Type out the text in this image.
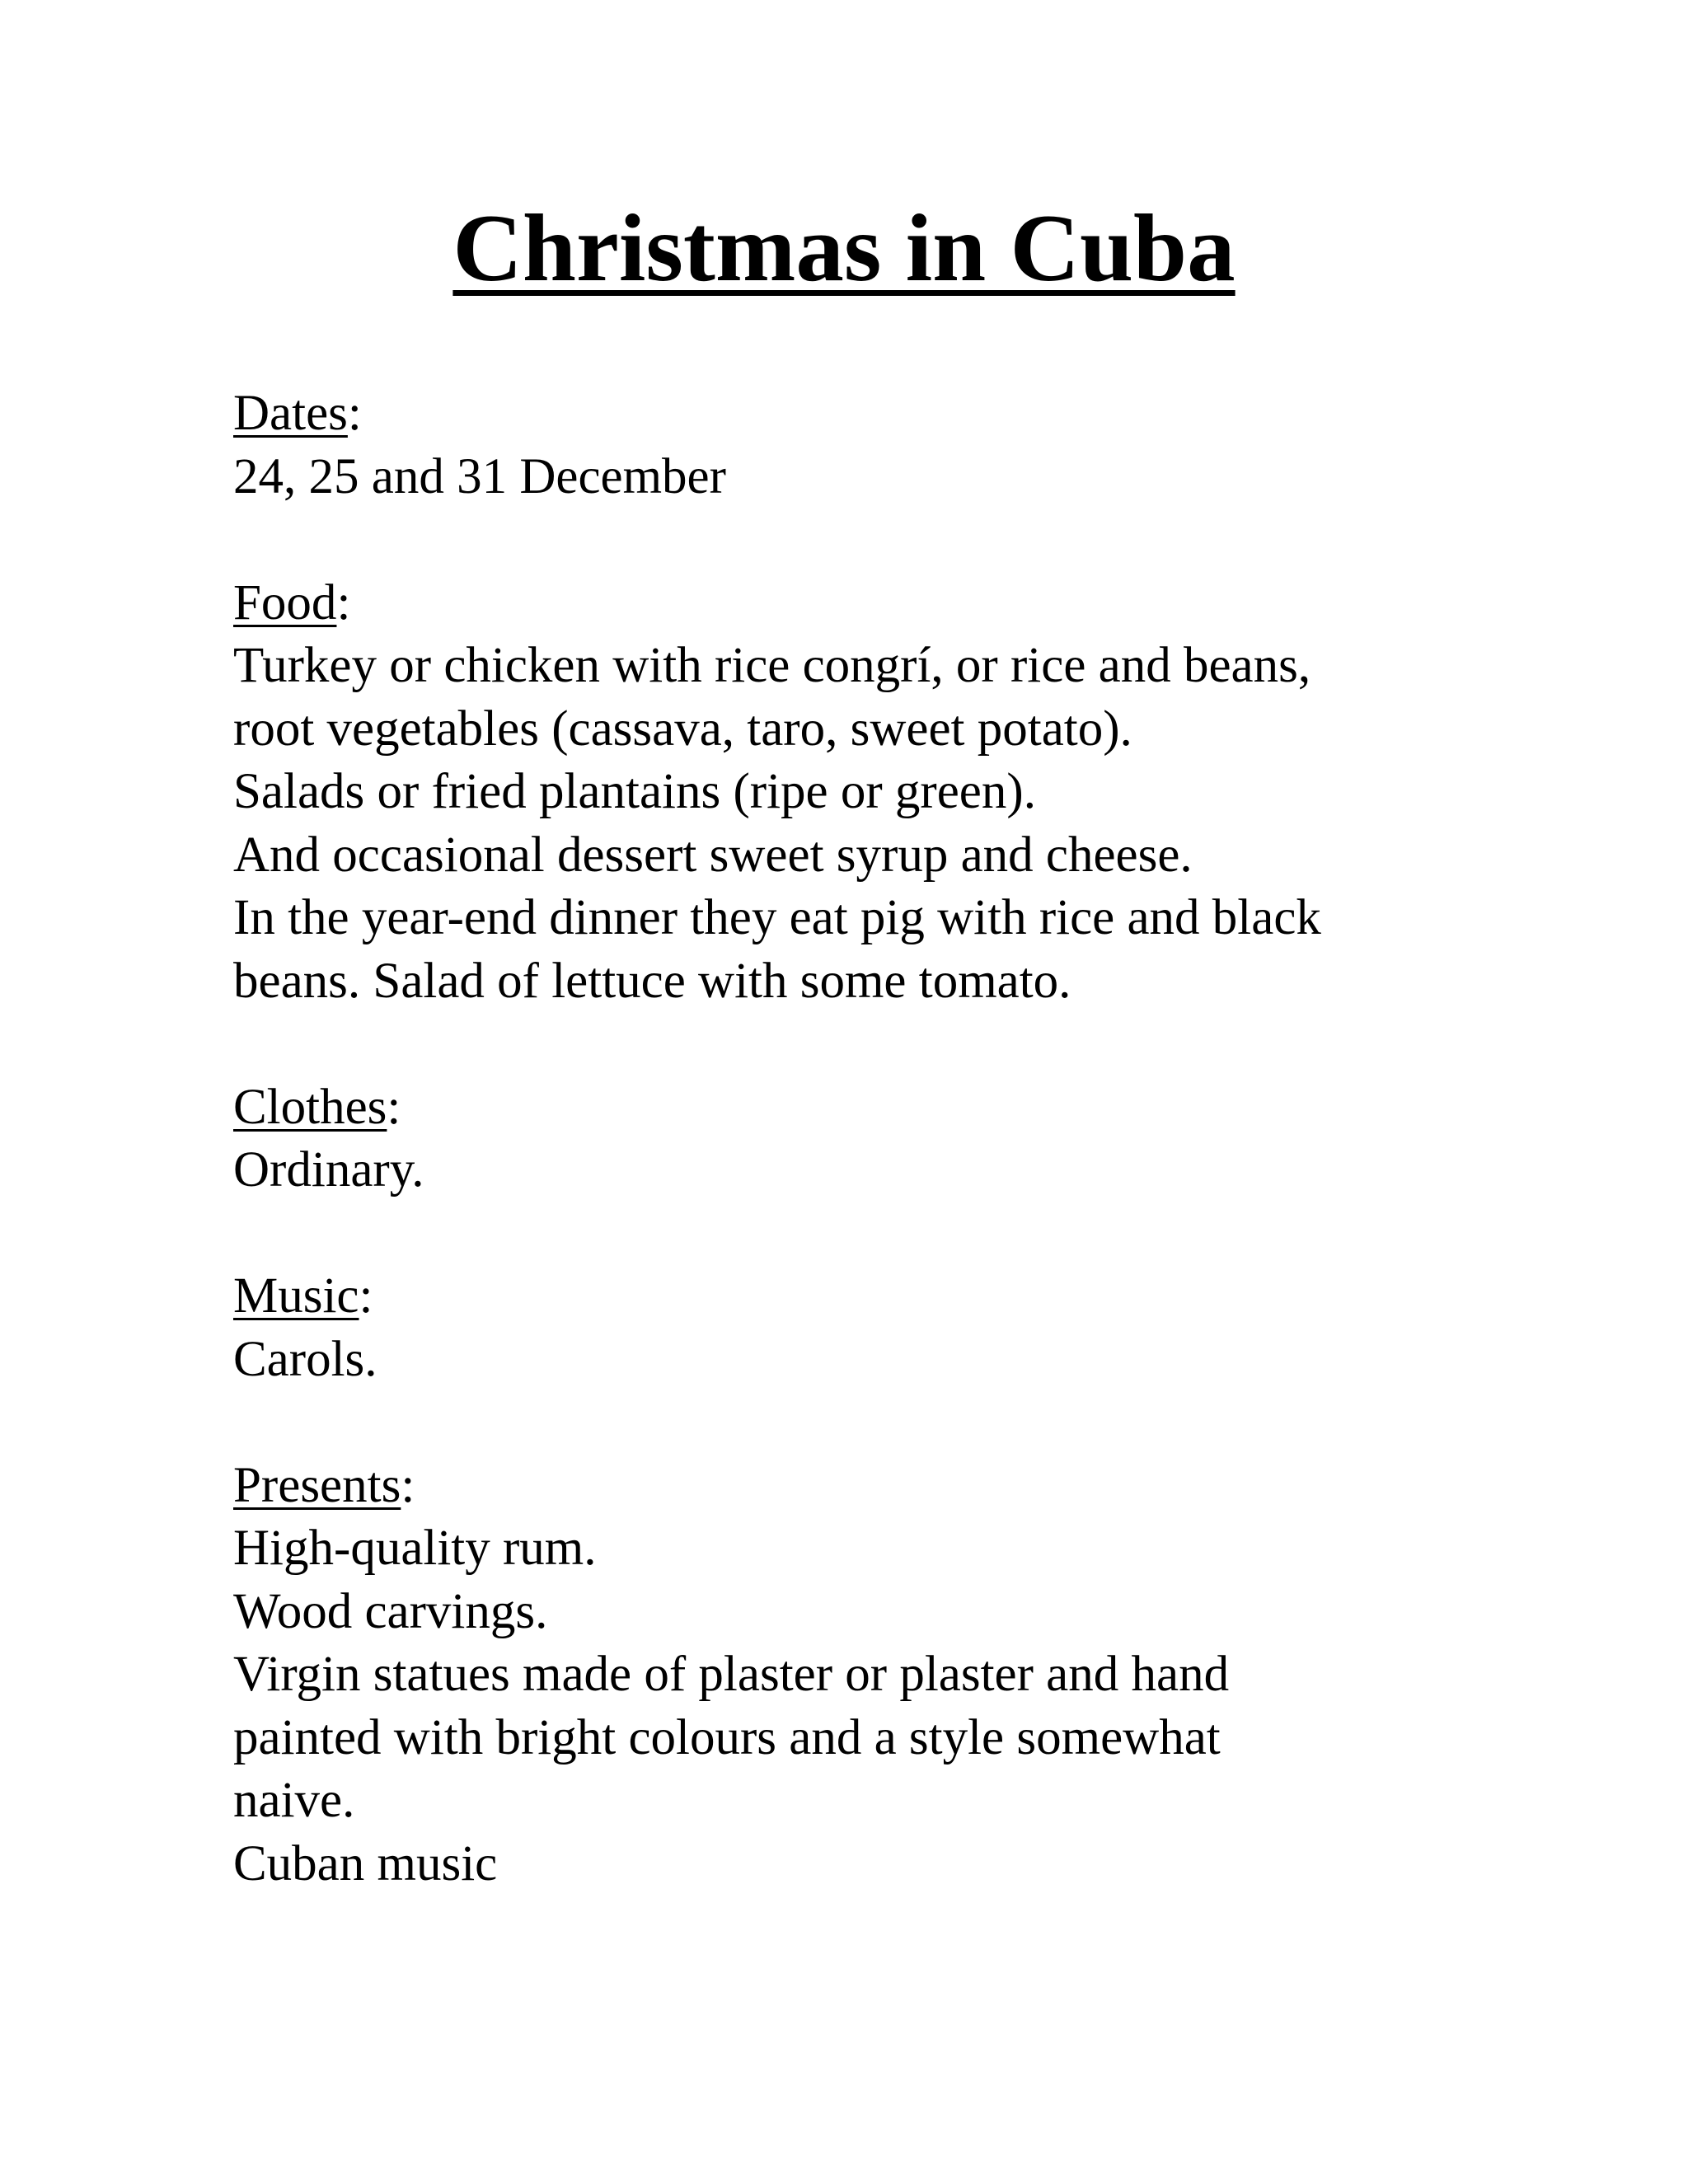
Christmas in Cuba
Dates:
24, 25 and 31 December
Food:
Turkey or chicken with rice congrí, or rice and beans,
root vegetables (cassava, taro, sweet potato).
Salads or fried plantains (ripe or green).
And occasional dessert sweet syrup and cheese.
In the year-end dinner they eat pig with rice and black
beans. Salad of lettuce with some tomato.
Clothes:
Ordinary.
Music:
Carols.
Presents:
High-quality rum.
Wood carvings.
Virgin statues made of plaster or plaster and hand
painted with bright colours and a style somewhat
naive.
Cuban music
